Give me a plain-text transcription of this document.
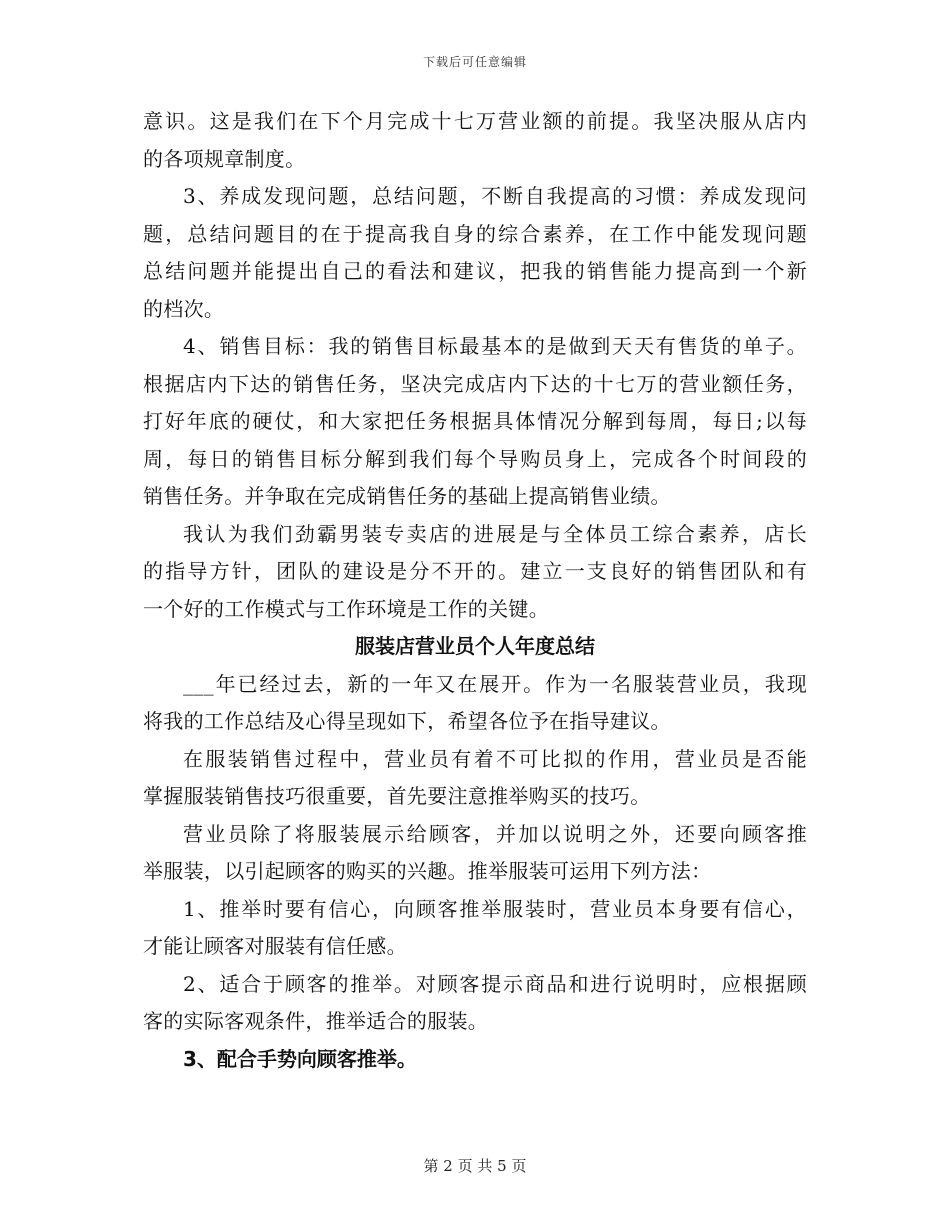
下载后可任意编辑
意识。这是我们在下个月完成十七万营业额的前提。我坚决服从店内
的各项规章制度。
3、养成发现问题，总结问题，不断自我提高的习惯：养成发现问
题，总结问题目的在于提高我自身的综合素养，在工作中能发现问题
总结问题并能提出自己的看法和建议，把我的销售能力提高到一个新
的档次。
4、销售目标：我的销售目标最基本的是做到天天有售货的单子。
根据店内下达的销售任务，坚决完成店内下达的十七万的营业额任务，
打好年底的硬仗，和大家把任务根据具体情况分解到每周，每日;以每
周，每日的销售目标分解到我们每个导购员身上，完成各个时间段的
销售任务。并争取在完成销售任务的基础上提高销售业绩。
我认为我们劲霸男装专卖店的进展是与全体员工综合素养，店长
的指导方针，团队的建设是分不开的。建立一支良好的销售团队和有
一个好的工作模式与工作环境是工作的关键。
服装店营业员个人年度总结
___年已经过去，新的一年又在展开。作为一名服装营业员，我现
将我的工作总结及心得呈现如下，希望各位予在指导建议。
在服装销售过程中，营业员有着不可比拟的作用，营业员是否能
掌握服装销售技巧很重要，首先要注意推举购买的技巧。
营业员除了将服装展示给顾客，并加以说明之外，还要向顾客推
举服装，以引起顾客的购买的兴趣。推举服装可运用下列方法：
1、推举时要有信心，向顾客推举服装时，营业员本身要有信心，
才能让顾客对服装有信任感。
2、适合于顾客的推举。对顾客提示商品和进行说明时，应根据顾
客的实际客观条件，推举适合的服装。
3、配合手势向顾客推举。
第 2 页 共 5 页
